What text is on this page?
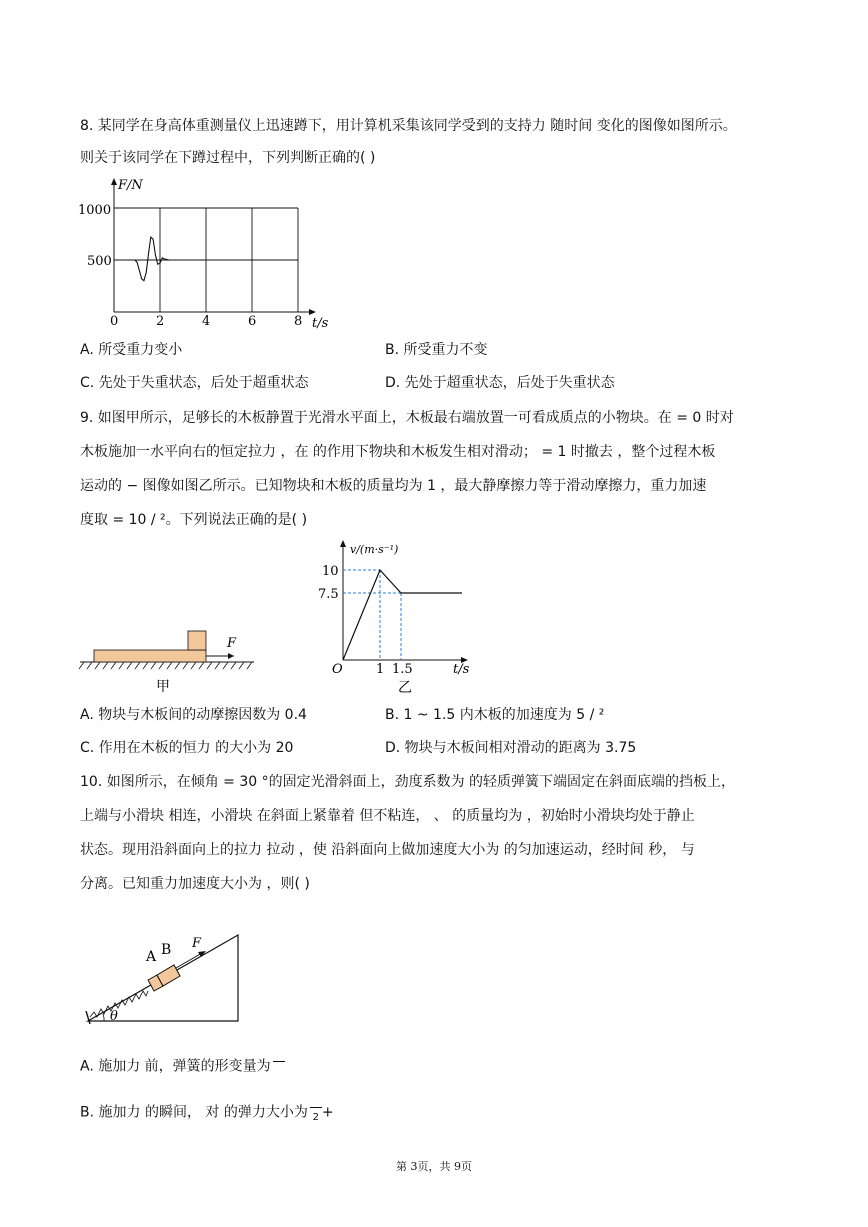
8. 某同学在身高体重测量仪上迅速蹲下，用计算机采集该同学受到的支持力 随时间 变化的图像如图所示。
则关于该同学在下蹲过程中，下列判断正确的( )
F/N
t/s
1000
500
0	2	4	6	8
A. 所受重力变小	B. 所受重力不变
C. 先处于失重状态，后处于超重状态	D. 先处于超重状态，后处于失重状态
9. 如图甲所示，足够长的木板静置于光滑水平面上，木板最右端放置一可看成质点的小物块。在 = 0 时对
木板施加一水平向右的恒定拉力 ，在 的作用下物块和木板发生相对滑动； = 1 时撤去 ，整个过程木板
运动的 − 图像如图乙所示。已知物块和木板的质量均为 1 ，最大静摩擦力等于滑动摩擦力，重力加速
度取 = 10 / ²。下列说法正确的是( )
F
甲
v/(m·s⁻¹)
t/s
O
10
7.5
1 1.5
乙
A. 物块与木板间的动摩擦因数为 0.4	B. 1 ~ 1.5 内木板的加速度为 5 / ²
C. 作用在木板的恒力 的大小为 20	D. 物块与木板间相对滑动的距离为 3.75
10. 如图所示，在倾角 = 30 °的固定光滑斜面上，劲度系数为 的轻质弹簧下端固定在斜面底端的挡板上，
上端与小滑块 相连，小滑块 在斜面上紧靠着 但不粘连， 、 的质量均为 ，初始时小滑块均处于静止
状态。现用沿斜面向上的拉力 拉动 ，使 沿斜面向上做加速度大小为 的匀加速运动，经时间 秒， 与
分离。已知重力加速度大小为 ，则( )
A B F
θ
A. 施加力 前，弹簧的形变量为

B. 施加力 的瞬间， 对 的弹力大小为 2 +
第 3页，共 9页
